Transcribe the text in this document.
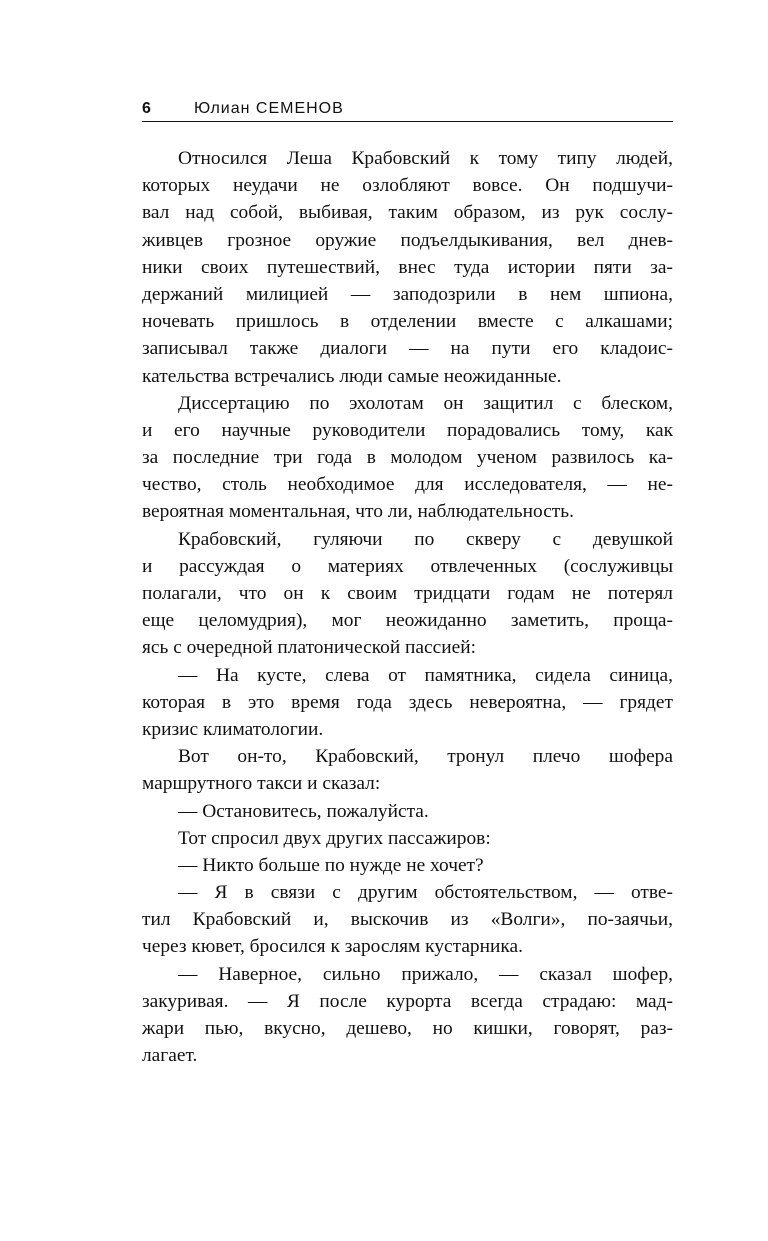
6	Юлиан СЕМЕНОВ
Относился Леша Крабовский к тому типу людей,
которых неудачи не озлобляют вовсе. Он подшучи-
вал над собой, выбивая, таким образом, из рук сослу-
живцев грозное оружие подъелдыкивания, вел днев-
ники своих путешествий, внес туда истории пяти за-
держаний милицией — заподозрили в нем шпиона,
ночевать пришлось в отделении вместе с алкашами;
записывал также диалоги — на пути его кладоис-
кательства встречались люди самые неожиданные.
Диссертацию по эхолотам он защитил с блеском,
и его научные руководители порадовались тому, как
за последние три года в молодом ученом развилось ка-
чество, столь необходимое для исследователя, — не-
вероятная моментальная, что ли, наблюдательность.
Крабовский, гуляючи по скверу с девушкой
и рассуждая о материях отвлеченных (сослуживцы
полагали, что он к своим тридцати годам не потерял
еще целомудрия), мог неожиданно заметить, проща-
ясь с очередной платонической пассией:
— На кусте, слева от памятника, сидела синица,
которая в это время года здесь невероятна, — грядет
кризис климатологии.
Вот он-то, Крабовский, тронул плечо шофера
маршрутного такси и сказал:
— Остановитесь, пожалуйста.
Тот спросил двух других пассажиров:
— Никто больше по нужде не хочет?
— Я в связи с другим обстоятельством, — отве-
тил Крабовский и, выскочив из «Волги», по-заячьи,
через кювет, бросился к зарослям кустарника.
— Наверное, сильно прижало, — сказал шофер,
закуривая. — Я после курорта всегда страдаю: мад-
жари пью, вкусно, дешево, но кишки, говорят, раз-
лагает.
